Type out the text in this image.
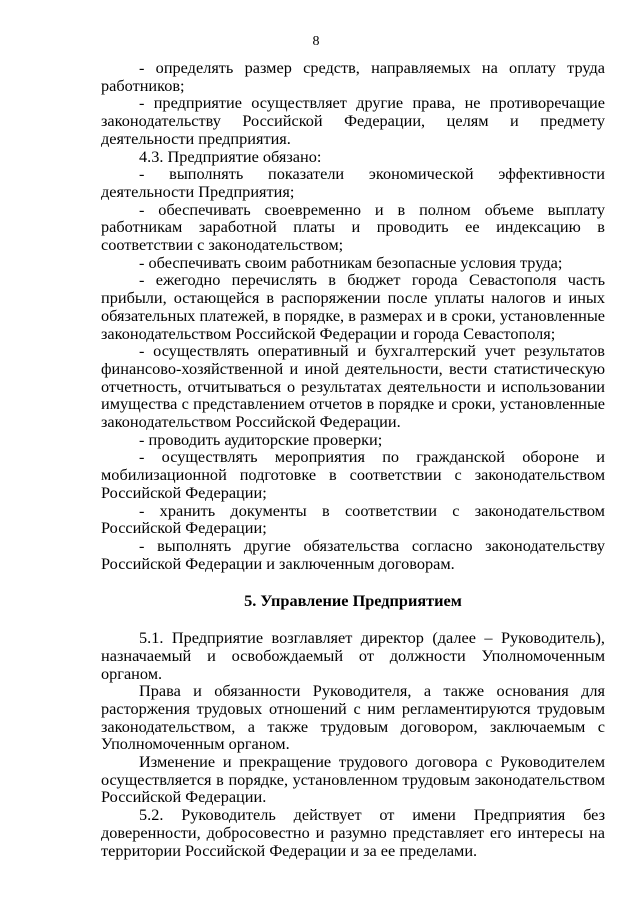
8

- определять размер средств, направляемых на оплату труда работников;

- предприятие осуществляет другие права, не противоречащие законодательству Российской Федерации, целям и предмету деятельности предприятия.

4.3. Предприятие обязано:

- выполнять показатели экономической эффективности деятельности Предприятия;

- обеспечивать своевременно и в полном объеме выплату работникам заработной платы и проводить ее индексацию в соответствии с законодательством;

- обеспечивать своим работникам безопасные условия труда;

- ежегодно перечислять в бюджет города Севастополя часть прибыли, остающейся в распоряжении после уплаты налогов и иных обязательных платежей, в порядке, в размерах и в сроки, установленные законодательством Российской Федерации и города Севастополя;

- осуществлять оперативный и бухгалтерский учет результатов финансово-хозяйственной и иной деятельности, вести статистическую отчетность, отчитываться о результатах деятельности и использовании имущества с представлением отчетов в порядке и сроки, установленные законодательством Российской Федерации.

- проводить аудиторские проверки;

- осуществлять мероприятия по гражданской обороне и мобилизационной подготовке в соответствии с законодательством Российской Федерации;

- хранить документы в соответствии с законодательством Российской Федерации;

- выполнять другие обязательства согласно законодательству Российской Федерации и заключенным договорам.

5. Управление Предприятием

5.1. Предприятие возглавляет директор (далее – Руководитель), назначаемый и освобождаемый от должности Уполномоченным органом.

Права и обязанности Руководителя, а также основания для расторжения трудовых отношений с ним регламентируются трудовым законодательством, а также трудовым договором, заключаемым с Уполномоченным органом.

Изменение и прекращение трудового договора с Руководителем осуществляется в порядке, установленном трудовым законодательством Российской Федерации.

5.2. Руководитель действует от имени Предприятия без доверенности, добросовестно и разумно представляет его интересы на территории Российской Федерации и за ее пределами.
